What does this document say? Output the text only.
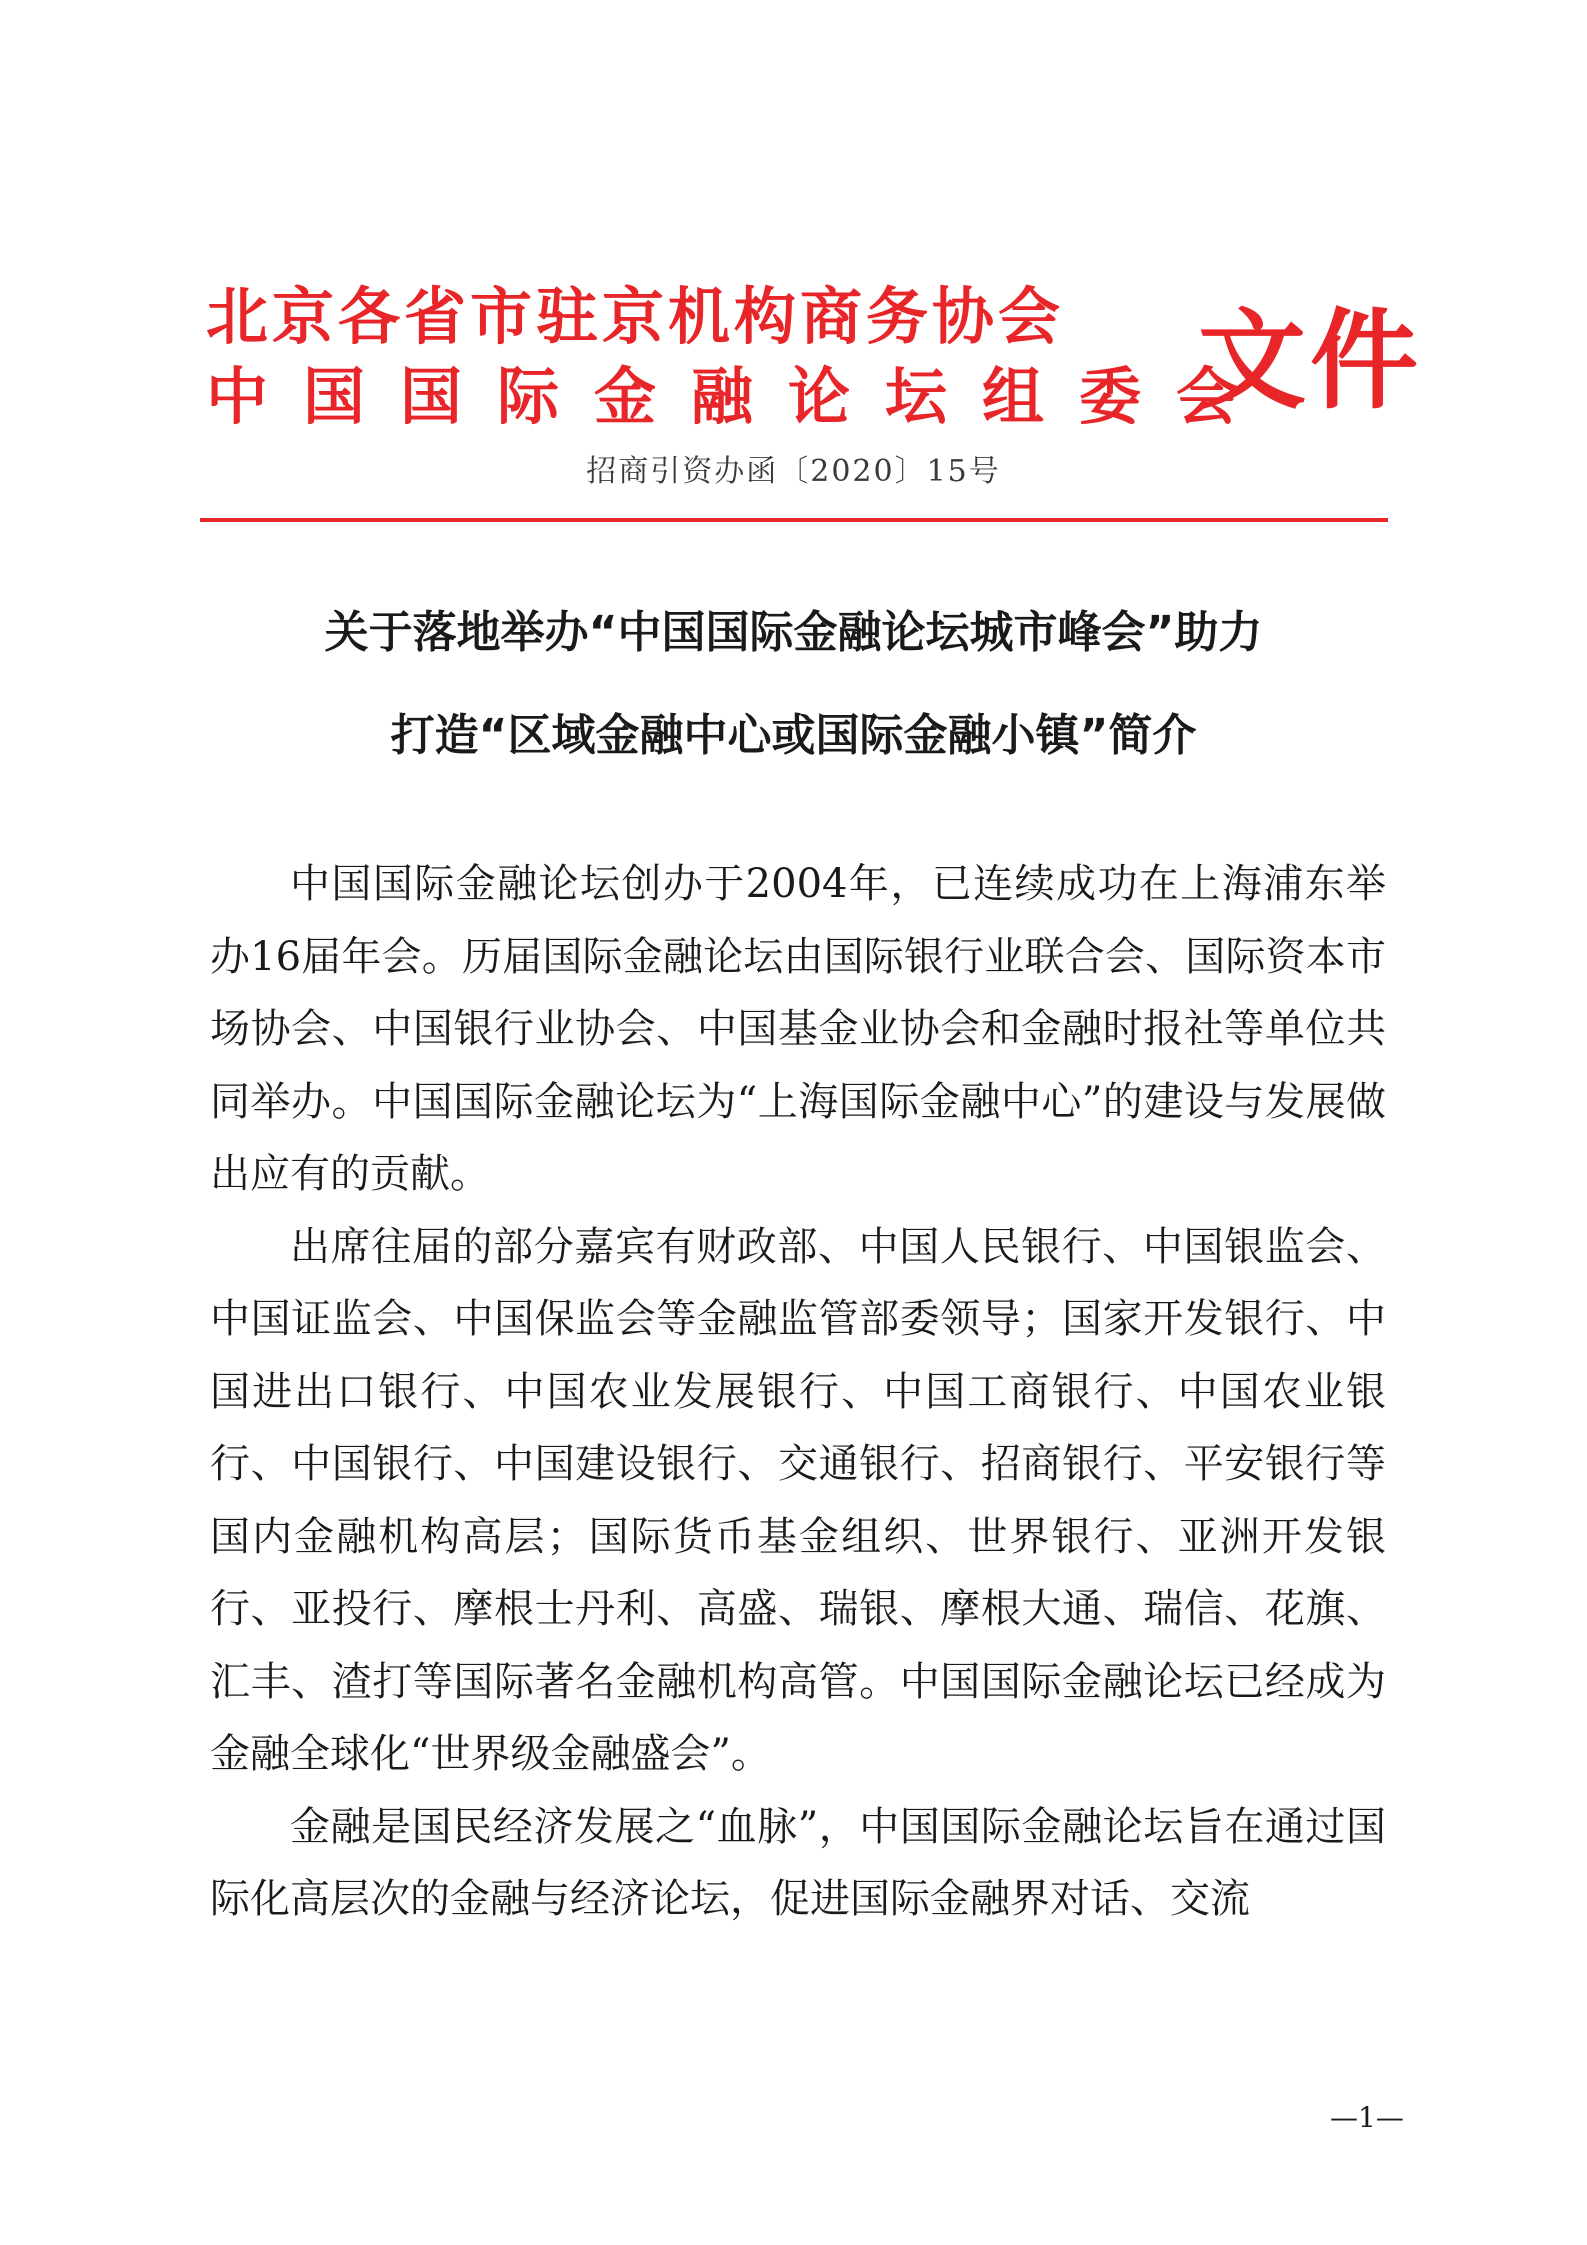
北京各省市驻京机构商务协会
中国国际金融论坛组委会
文件
招商引资办函〔2020〕15号
关于落地举办“中国国际金融论坛城市峰会”助力
打造“区域金融中心或国际金融小镇”简介

中国国际金融论坛创办于2004年，已连续成功在上海浦东举办16届年会。历届国际金融论坛由国际银行业联合会、国际资本市场协会、中国银行业协会、中国基金业协会和金融时报社等单位共同举办。中国国际金融论坛为“上海国际金融中心”的建设与发展做出应有的贡献。

出席往届的部分嘉宾有财政部、中国人民银行、中国银监会、中国证监会、中国保监会等金融监管部委领导；国家开发银行、中国进出口银行、中国农业发展银行、中国工商银行、中国农业银行、中国银行、中国建设银行、交通银行、招商银行、平安银行等国内金融机构高层；国际货币基金组织、世界银行、亚洲开发银行、亚投行、摩根士丹利、高盛、瑞银、摩根大通、瑞信、花旗、汇丰、渣打等国际著名金融机构高管。中国国际金融论坛已经成为金融全球化“世界级金融盛会”。

金融是国民经济发展之“血脉”，中国国际金融论坛旨在通过国际化高层次的金融与经济论坛，促进国际金融界对话、交流

—1—
